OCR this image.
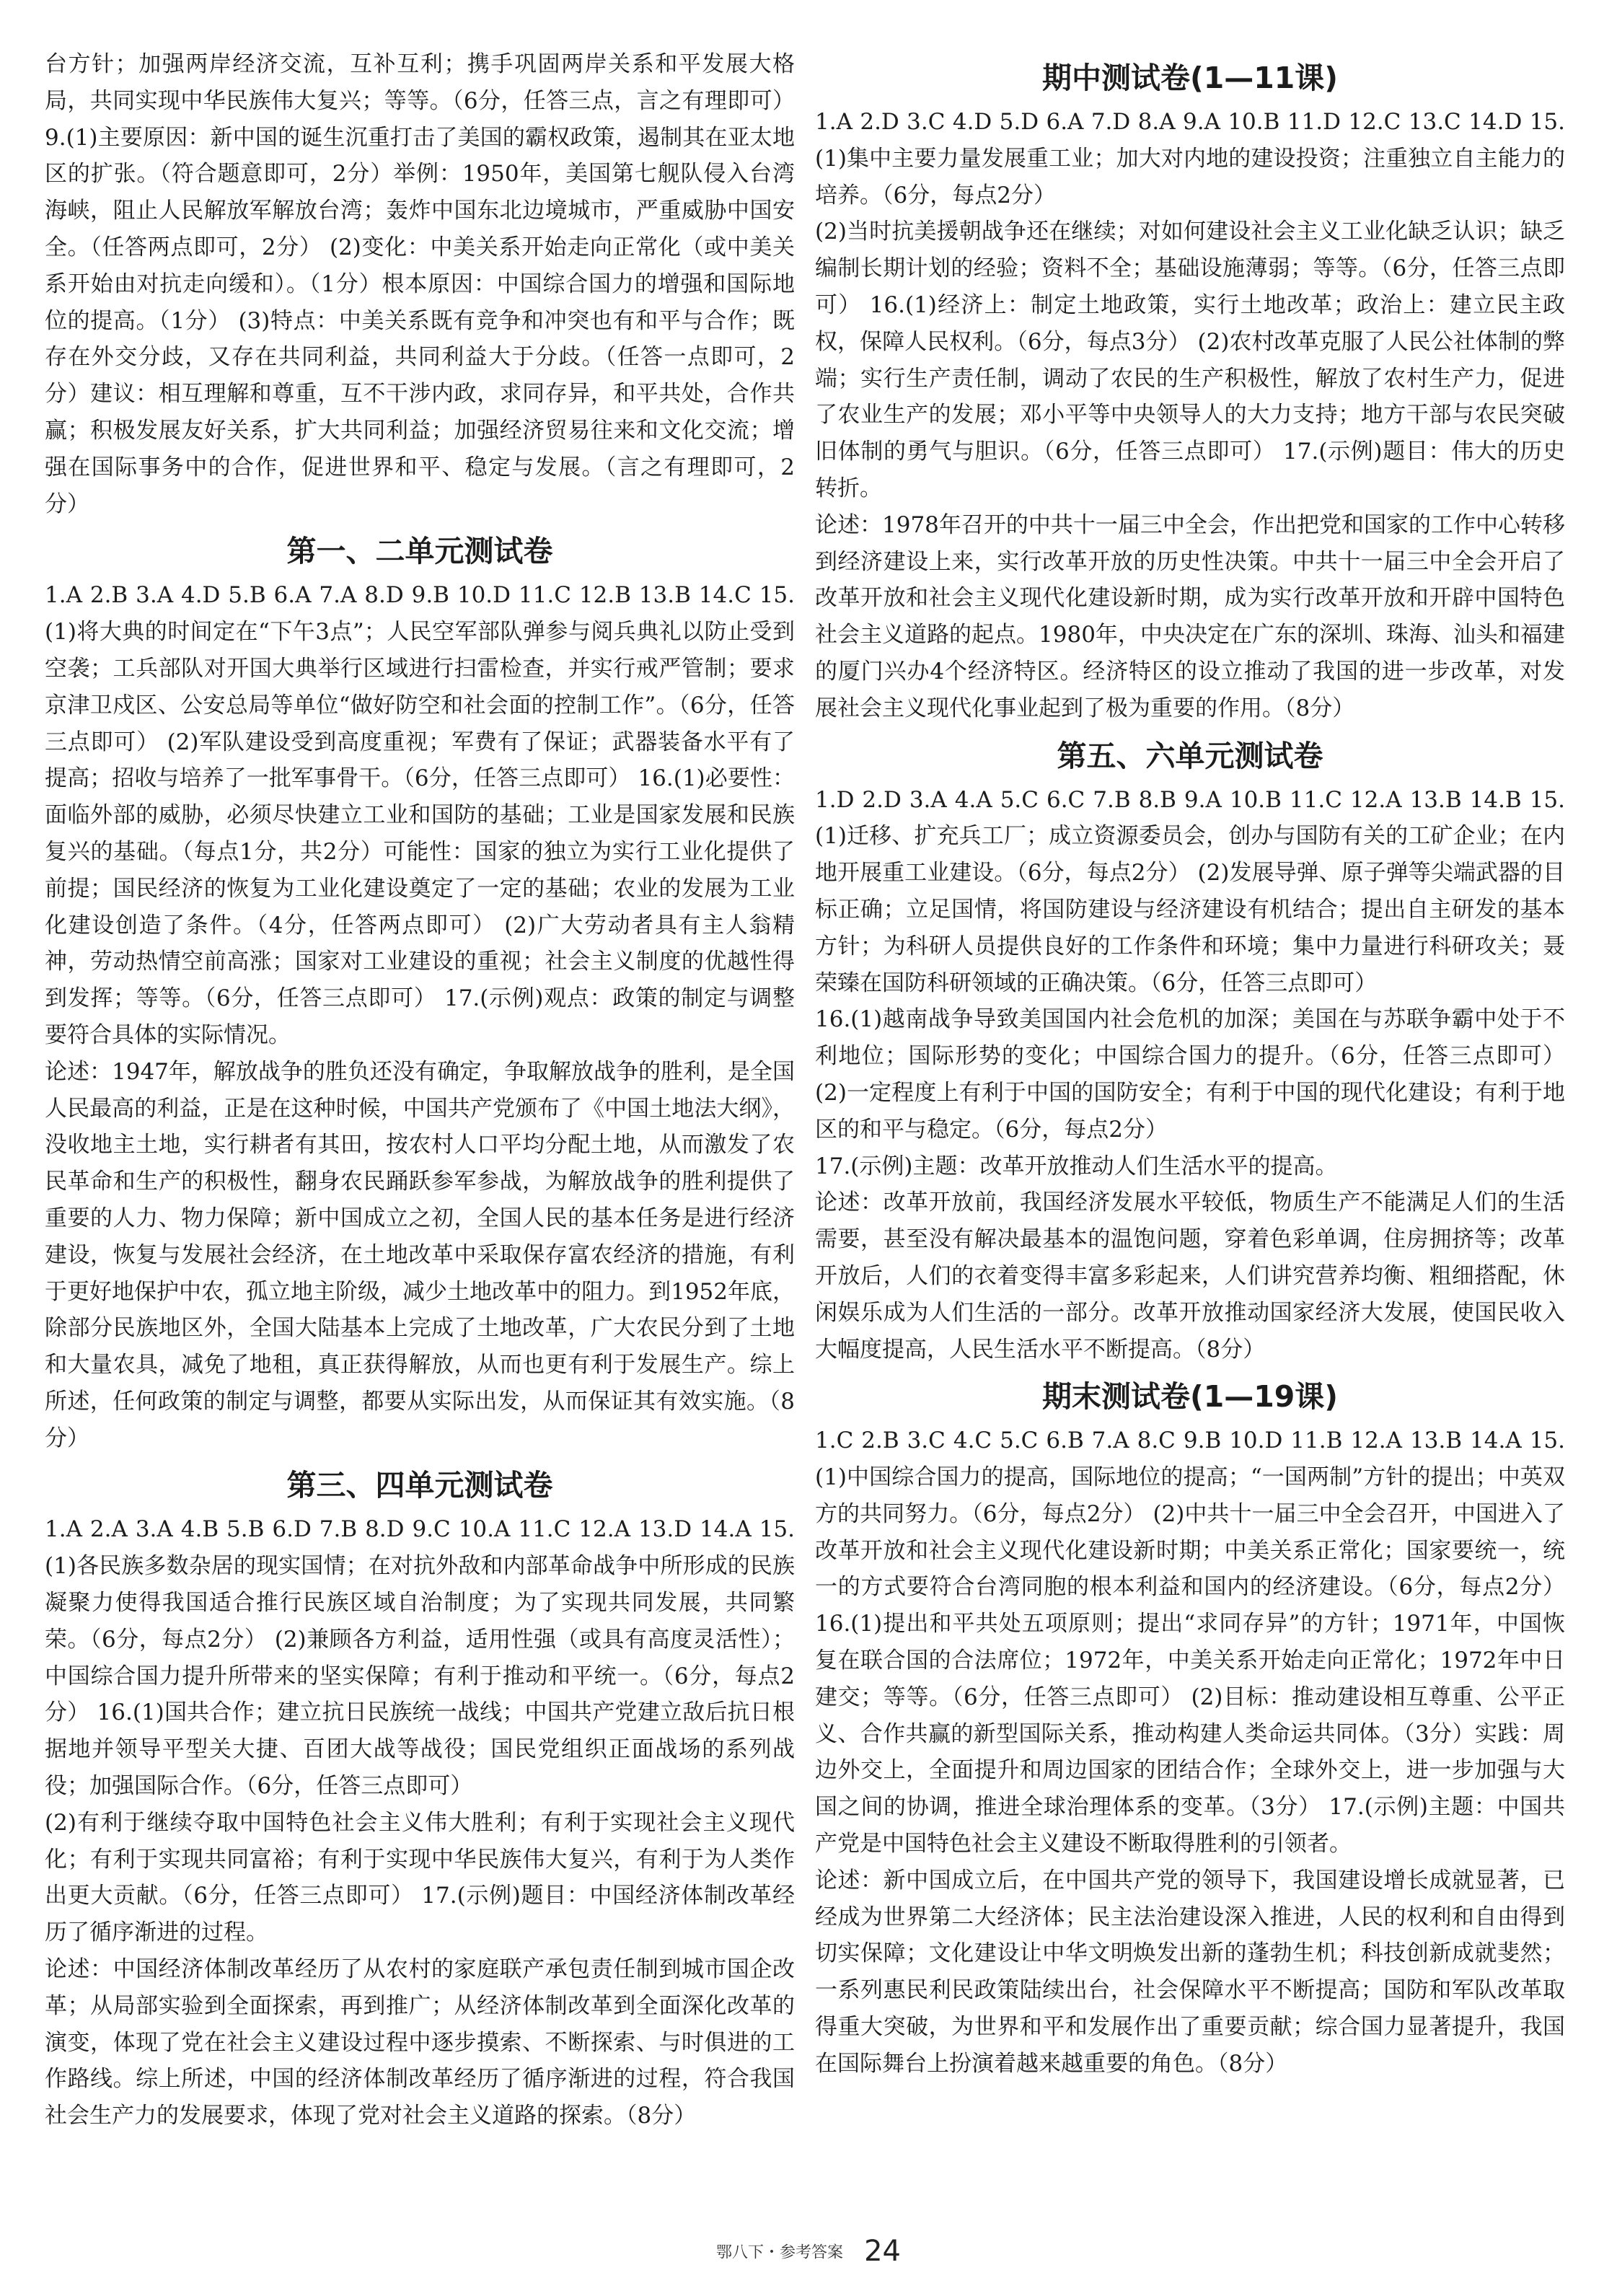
台方针；加强两岸经济交流，互补互利；携手巩固两岸关系和平发展大格局，共同实现中华民族伟大复兴；等等。（6分，任答三点，言之有理即可） 9.(1)主要原因：新中国的诞生沉重打击了美国的霸权政策，遏制其在亚太地区的扩张。（符合题意即可，2分）举例：1950年，美国第七舰队侵入台湾海峡，阻止人民解放军解放台湾；轰炸中国东北边境城市，严重威胁中国安全。（任答两点即可，2分） (2)变化：中美关系开始走向正常化（或中美关系开始由对抗走向缓和）。（1分）根本原因：中国综合国力的增强和国际地位的提高。（1分） (3)特点：中美关系既有竞争和冲突也有和平与合作；既存在外交分歧，又存在共同利益，共同利益大于分歧。（任答一点即可，2分）建议：相互理解和尊重，互不干涉内政，求同存异，和平共处，合作共赢；积极发展友好关系，扩大共同利益；加强经济贸易往来和文化交流；增强在国际事务中的合作，促进世界和平、稳定与发展。（言之有理即可，2分）

第一、二单元测试卷

1.A 2.B 3.A 4.D 5.B 6.A 7.A 8.D 9.B 10.D 11.C 12.B 13.B 14.C 15.(1)将大典的时间定在“下午3点”；人民空军部队弹参与阅兵典礼以防止受到空袭；工兵部队对开国大典举行区域进行扫雷检查，并实行戒严管制；要求京津卫戍区、公安总局等单位“做好防空和社会面的控制工作”。（6分，任答三点即可） (2)军队建设受到高度重视；军费有了保证；武器装备水平有了提高；招收与培养了一批军事骨干。（6分，任答三点即可） 16.(1)必要性：面临外部的威胁，必须尽快建立工业和国防的基础；工业是国家发展和民族复兴的基础。（每点1分，共2分）可能性：国家的独立为实行工业化提供了前提；国民经济的恢复为工业化建设奠定了一定的基础；农业的发展为工业化建设创造了条件。（4分，任答两点即可） (2)广大劳动者具有主人翁精神，劳动热情空前高涨；国家对工业建设的重视；社会主义制度的优越性得到发挥；等等。（6分，任答三点即可） 17.(示例)观点：政策的制定与调整要符合具体的实际情况。

论述：1947年，解放战争的胜负还没有确定，争取解放战争的胜利，是全国人民最高的利益，正是在这种时候，中国共产党颁布了《中国土地法大纲》，没收地主土地，实行耕者有其田，按农村人口平均分配土地，从而激发了农民革命和生产的积极性，翻身农民踊跃参军参战，为解放战争的胜利提供了重要的人力、物力保障；新中国成立之初，全国人民的基本任务是进行经济建设，恢复与发展社会经济，在土地改革中采取保存富农经济的措施，有利于更好地保护中农，孤立地主阶级，减少土地改革中的阻力。到1952年底，除部分民族地区外，全国大陆基本上完成了土地改革，广大农民分到了土地和大量农具，减免了地租，真正获得解放，从而也更有利于发展生产。综上所述，任何政策的制定与调整，都要从实际出发，从而保证其有效实施。（8分）

第三、四单元测试卷

1.A 2.A 3.A 4.B 5.B 6.D 7.B 8.D 9.C 10.A 11.C 12.A 13.D 14.A 15.(1)各民族多数杂居的现实国情；在对抗外敌和内部革命战争中所形成的民族凝聚力使得我国适合推行民族区域自治制度；为了实现共同发展，共同繁荣。（6分，每点2分） (2)兼顾各方利益，适用性强（或具有高度灵活性）；中国综合国力提升所带来的坚实保障；有利于推动和平统一。（6分，每点2分） 16.(1)国共合作；建立抗日民族统一战线；中国共产党建立敌后抗日根据地并领导平型关大捷、百团大战等战役；国民党组织正面战场的系列战役；加强国际合作。（6分，任答三点即可）

(2)有利于继续夺取中国特色社会主义伟大胜利；有利于实现社会主义现代化；有利于实现共同富裕；有利于实现中华民族伟大复兴，有利于为人类作出更大贡献。（6分，任答三点即可） 17.(示例)题目：中国经济体制改革经历了循序渐进的过程。

论述：中国经济体制改革经历了从农村的家庭联产承包责任制到城市国企改革；从局部实验到全面探索，再到推广；从经济体制改革到全面深化改革的演变，体现了党在社会主义建设过程中逐步摸索、不断探索、与时俱进的工作路线。综上所述，中国的经济体制改革经历了循序渐进的过程，符合我国社会生产力的发展要求，体现了党对社会主义道路的探索。（8分）

期中测试卷(1—11课)

1.A 2.D 3.C 4.D 5.D 6.A 7.D 8.A 9.A 10.B 11.D 12.C 13.C 14.D 15.(1)集中主要力量发展重工业；加大对内地的建设投资；注重独立自主能力的培养。（6分，每点2分）

(2)当时抗美援朝战争还在继续；对如何建设社会主义工业化缺乏认识；缺乏编制长期计划的经验；资料不全；基础设施薄弱；等等。（6分，任答三点即可） 16.(1)经济上：制定土地政策，实行土地改革；政治上：建立民主政权，保障人民权利。（6分，每点3分） (2)农村改革克服了人民公社体制的弊端；实行生产责任制，调动了农民的生产积极性，解放了农村生产力，促进了农业生产的发展；邓小平等中央领导人的大力支持；地方干部与农民突破旧体制的勇气与胆识。（6分，任答三点即可） 17.(示例)题目：伟大的历史转折。

论述：1978年召开的中共十一届三中全会，作出把党和国家的工作中心转移到经济建设上来，实行改革开放的历史性决策。中共十一届三中全会开启了改革开放和社会主义现代化建设新时期，成为实行改革开放和开辟中国特色社会主义道路的起点。1980年，中央决定在广东的深圳、珠海、汕头和福建的厦门兴办4个经济特区。经济特区的设立推动了我国的进一步改革，对发展社会主义现代化事业起到了极为重要的作用。（8分）

第五、六单元测试卷

1.D 2.D 3.A 4.A 5.C 6.C 7.B 8.B 9.A 10.B 11.C 12.A 13.B 14.B 15.(1)迁移、扩充兵工厂；成立资源委员会，创办与国防有关的工矿企业；在内地开展重工业建设。（6分，每点2分） (2)发展导弹、原子弹等尖端武器的目标正确；立足国情，将国防建设与经济建设有机结合；提出自主研发的基本方针；为科研人员提供良好的工作条件和环境；集中力量进行科研攻关；聂荣臻在国防科研领域的正确决策。（6分，任答三点即可）

16.(1)越南战争导致美国国内社会危机的加深；美国在与苏联争霸中处于不利地位；国际形势的变化；中国综合国力的提升。（6分，任答三点即可） (2)一定程度上有利于中国的国防安全；有利于中国的现代化建设；有利于地区的和平与稳定。（6分，每点2分）

17.(示例)主题：改革开放推动人们生活水平的提高。

论述：改革开放前，我国经济发展水平较低，物质生产不能满足人们的生活需要，甚至没有解决最基本的温饱问题，穿着色彩单调，住房拥挤等；改革开放后，人们的衣着变得丰富多彩起来，人们讲究营养均衡、粗细搭配，休闲娱乐成为人们生活的一部分。改革开放推动国家经济大发展，使国民收入大幅度提高，人民生活水平不断提高。（8分）

期末测试卷(1—19课)

1.C 2.B 3.C 4.C 5.C 6.B 7.A 8.C 9.B 10.D 11.B 12.A 13.B 14.A 15.(1)中国综合国力的提高，国际地位的提高；“一国两制”方针的提出；中英双方的共同努力。（6分，每点2分） (2)中共十一届三中全会召开，中国进入了改革开放和社会主义现代化建设新时期；中美关系正常化；国家要统一，统一的方式要符合台湾同胞的根本利益和国内的经济建设。（6分，每点2分） 16.(1)提出和平共处五项原则；提出“求同存异”的方针；1971年，中国恢复在联合国的合法席位；1972年，中美关系开始走向正常化；1972年中日建交；等等。（6分，任答三点即可） (2)目标：推动建设相互尊重、公平正义、合作共赢的新型国际关系，推动构建人类命运共同体。（3分）实践：周边外交上，全面提升和周边国家的团结合作；全球外交上，进一步加强与大国之间的协调，推进全球治理体系的变革。（3分） 17.(示例)主题：中国共产党是中国特色社会主义建设不断取得胜利的引领者。

论述：新中国成立后，在中国共产党的领导下，我国建设增长成就显著，已经成为世界第二大经济体；民主法治建设深入推进，人民的权利和自由得到切实保障；文化建设让中华文明焕发出新的蓬勃生机；科技创新成就斐然；一系列惠民利民政策陆续出台，社会保障水平不断提高；国防和军队改革取得重大突破，为世界和平和发展作出了重要贡献；综合国力显著提升，我国在国际舞台上扮演着越来越重要的角色。（8分）

鄂八下・参考答案 24
